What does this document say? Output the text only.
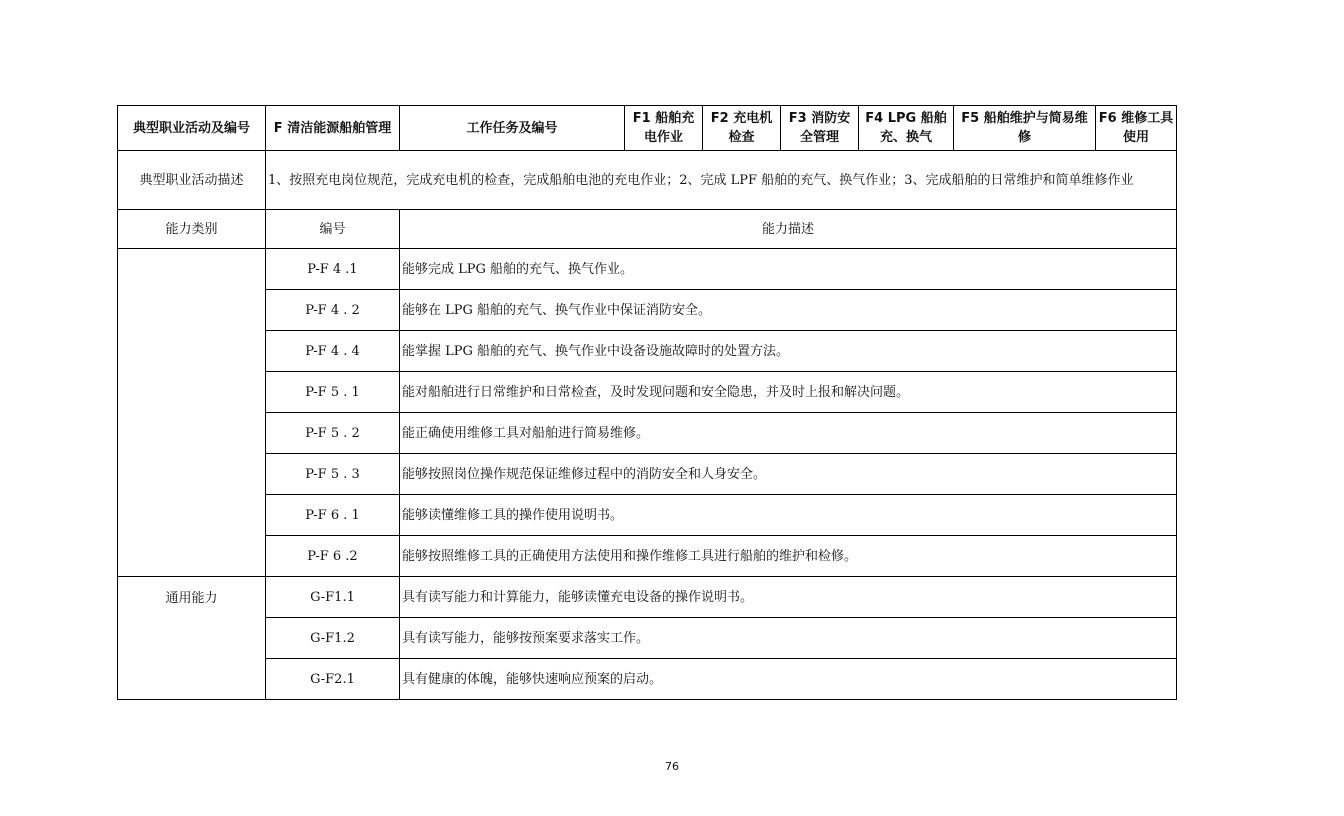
典型职业活动及编号	F 清洁能源船舶管理	工作任务及编号	F1 船舶充电作业	F2 充电机检查	F3 消防安全管理	F4 LPG 船舶充、换气	F5 船舶维护与简易维修	F6 维修工具使用
典型职业活动描述	1、按照充电岗位规范，完成充电机的检查，完成船舶电池的充电作业；2、完成 LPF 船舶的充气、换气作业；3、完成船舶的日常维护和简单维修作业							
能力类别	编号	能力描述						
	P-F 4 .1	能够完成 LPG 船舶的充气、换气作业。						
	P-F 4 . 2	能够在 LPG 船舶的充气、换气作业中保证消防安全。						
	P-F 4 . 4	能掌握 LPG 船舶的充气、换气作业中设备设施故障时的处置方法。						
	P-F 5 . 1	能对船舶进行日常维护和日常检查，及时发现问题和安全隐患，并及时上报和解决问题。						
	P-F 5 . 2	能正确使用维修工具对船舶进行简易维修。						
	P-F 5 . 3	能够按照岗位操作规范保证维修过程中的消防安全和人身安全。						
	P-F 6 . 1	能够读懂维修工具的操作使用说明书。						
	P-F 6 .2	能够按照维修工具的正确使用方法使用和操作维修工具进行船舶的维护和检修。						
通用能力	G-F1.1	具有读写能力和计算能力，能够读懂充电设备的操作说明书。						
	G-F1.2	具有读写能力，能够按预案要求落实工作。						
	G-F2.1	具有健康的体魄，能够快速响应预案的启动。						
76
